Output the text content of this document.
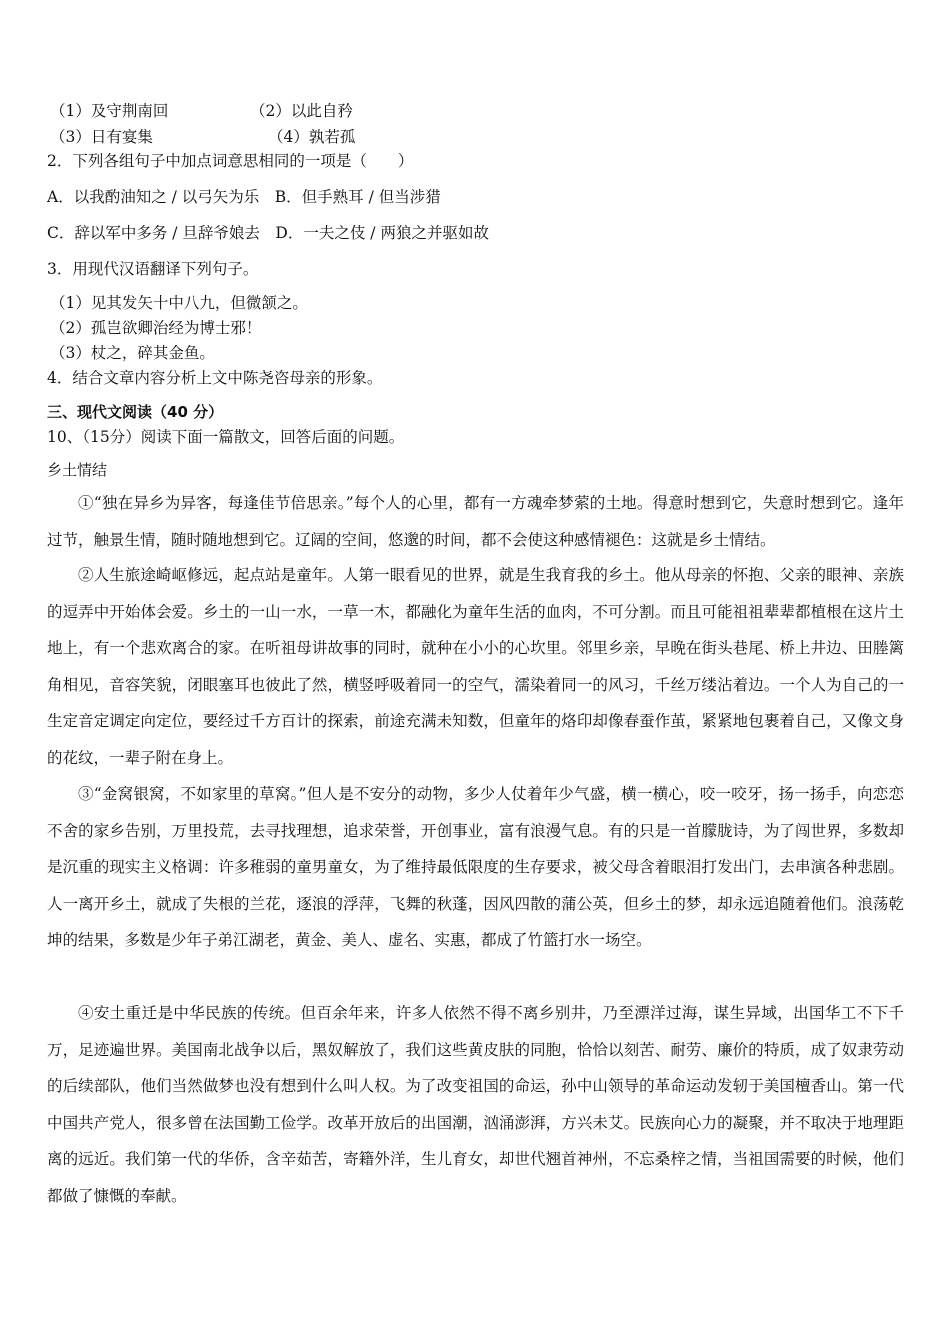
（1）及守荆南回	（2）以此自矜
（3）日有宴集	（4）孰若孤
2．下列各组句子中加点词意思相同的一项是（　　）
A．以我酌油知之 / 以弓矢为乐　B．但手熟耳 / 但当涉猎
C．辞以军中多务 / 旦辞爷娘去　D．一夫之伎 / 两狼之并驱如故
3．用现代汉语翻译下列句子。
（1）见其发矢十中八九，但微颔之。
（2）孤岂欲卿治经为博士邪！
（3）杖之，碎其金鱼。
4．结合文章内容分析上文中陈尧咨母亲的形象。
三、现代文阅读（40 分）
10、（15分）阅读下面一篇散文，回答后面的问题。
乡土情结
①“独在异乡为异客，每逢佳节倍思亲。”每个人的心里，都有一方魂牵梦萦的土地。得意时想到它，失意时想到它。逢年过节，触景生情，随时随地想到它。辽阔的空间，悠邈的时间，都不会使这种感情褪色：这就是乡土情结。
②人生旅途崎岖修远，起点站是童年。人第一眼看见的世界，就是生我育我的乡土。他从母亲的怀抱、父亲的眼神、亲族的逗弄中开始体会爱。乡土的一山一水，一草一木，都融化为童年生活的血肉，不可分割。而且可能祖祖辈辈都植根在这片土地上，有一个悲欢离合的家。在听祖母讲故事的同时，就种在小小的心坎里。邻里乡亲，早晚在街头巷尾、桥上井边、田塍篱角相见，音容笑貌，闭眼塞耳也彼此了然，横竖呼吸着同一的空气，濡染着同一的风习，千丝万缕沾着边。一个人为自己的一生定音定调定向定位，要经过千方百计的探索，前途充满未知数，但童年的烙印却像春蚕作茧，紧紧地包裹着自己，又像文身的花纹，一辈子附在身上。
③“金窝银窝，不如家里的草窝。”但人是不安分的动物，多少人仗着年少气盛，横一横心，咬一咬牙，扬一扬手，向恋恋不舍的家乡告别，万里投荒，去寻找理想，追求荣誉，开创事业，富有浪漫气息。有的只是一首朦胧诗，为了闯世界，多数却是沉重的现实主义格调：许多稚弱的童男童女，为了维持最低限度的生存要求，被父母含着眼泪打发出门，去串演各种悲剧。人一离开乡土，就成了失根的兰花，逐浪的浮萍，飞舞的秋蓬，因风四散的蒲公英，但乡土的梦，却永远追随着他们。浪荡乾坤的结果，多数是少年子弟江湖老，黄金、美人、虚名、实惠，都成了竹篮打水一场空。
④安土重迁是中华民族的传统。但百余年来，许多人依然不得不离乡别井，乃至漂洋过海，谋生异域，出国华工不下千万，足迹遍世界。美国南北战争以后，黑奴解放了，我们这些黄皮肤的同胞，恰恰以刻苦、耐劳、廉价的特质，成了奴隶劳动的后续部队，他们当然做梦也没有想到什么叫人权。为了改变祖国的命运，孙中山领导的革命运动发轫于美国檀香山。第一代中国共产党人，很多曾在法国勤工俭学。改革开放后的出国潮，汹涌澎湃，方兴未艾。民族向心力的凝聚，并不取决于地理距离的远近。我们第一代的华侨，含辛茹苦，寄籍外洋，生儿育女，却世代翘首神州，不忘桑梓之情，当祖国需要的时候，他们都做了慷慨的奉献。
